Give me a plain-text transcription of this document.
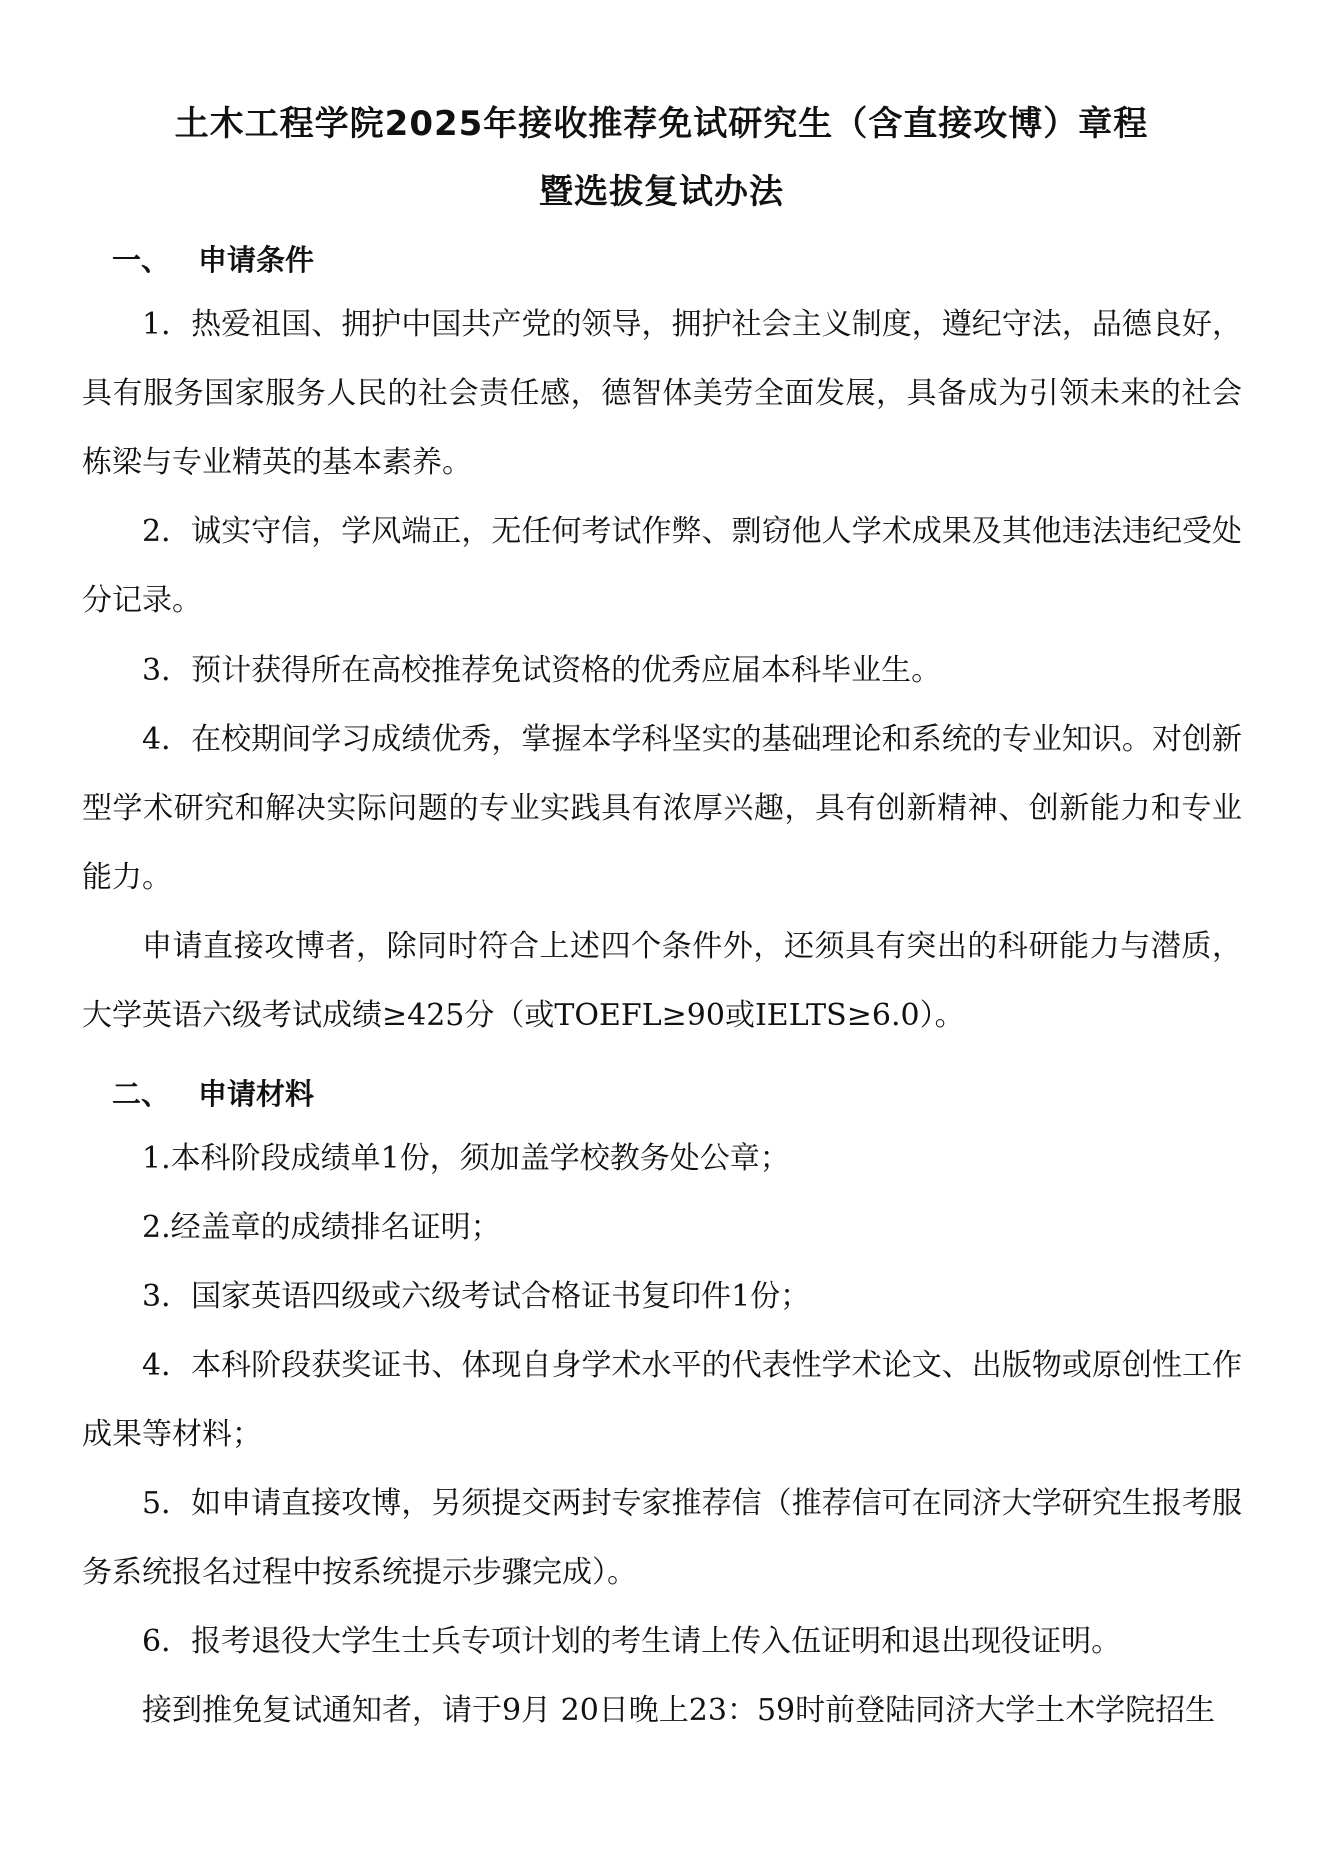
土木工程学院2025年接收推荐免试研究生（含直接攻博）章程
暨选拔复试办法
一、 申请条件
1．热爱祖国、拥护中国共产党的领导，拥护社会主义制度，遵纪守法，品德良好，具有服务国家服务人民的社会责任感，德智体美劳全面发展，具备成为引领未来的社会栋梁与专业精英的基本素养。
2．诚实守信，学风端正，无任何考试作弊、剽窃他人学术成果及其他违法违纪受处分记录。
3．预计获得所在高校推荐免试资格的优秀应届本科毕业生。
4．在校期间学习成绩优秀，掌握本学科坚实的基础理论和系统的专业知识。对创新型学术研究和解决实际问题的专业实践具有浓厚兴趣，具有创新精神、创新能力和专业能力。
申请直接攻博者，除同时符合上述四个条件外，还须具有突出的科研能力与潜质，大学英语六级考试成绩≥425分（或TOEFL≥90或IELTS≥6.0）。
二、 申请材料
1.本科阶段成绩单1份，须加盖学校教务处公章；
2.经盖章的成绩排名证明；
3．国家英语四级或六级考试合格证书复印件1份；
4．本科阶段获奖证书、体现自身学术水平的代表性学术论文、出版物或原创性工作成果等材料；
5．如申请直接攻博，另须提交两封专家推荐信（推荐信可在同济大学研究生报考服务系统报名过程中按系统提示步骤完成）。
6．报考退役大学生士兵专项计划的考生请上传入伍证明和退出现役证明。
接到推免复试通知者，请于9月 20日晚上23：59时前登陆同济大学土木学院招生
